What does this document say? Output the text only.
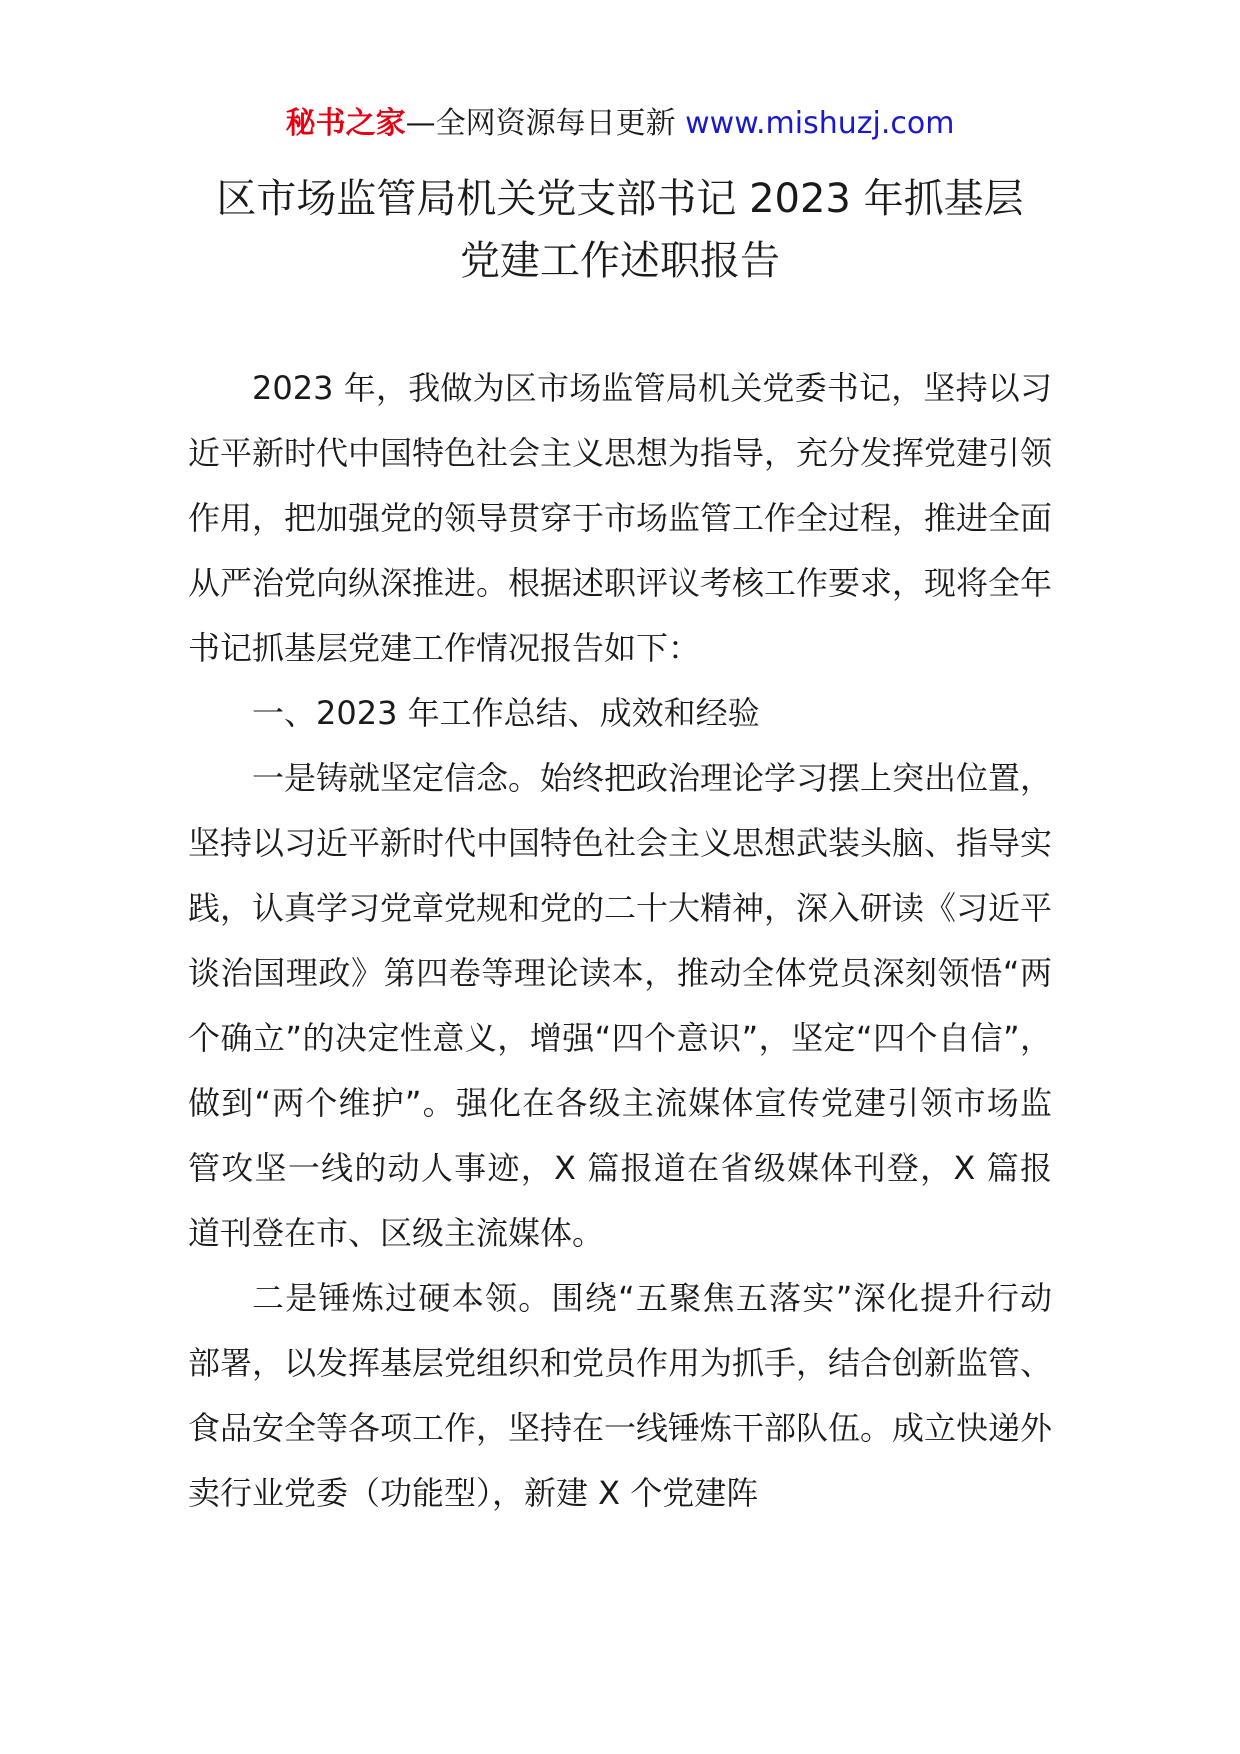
秘书之家—全网资源每日更新 www.mishuzj.com
区市场监管局机关党支部书记 2023 年抓基层
党建工作述职报告

2023 年，我做为区市场监管局机关党委书记，坚持以习近平新时代中国特色社会主义思想为指导，充分发挥党建引领作用，把加强党的领导贯穿于市场监管工作全过程，推进全面从严治党向纵深推进。根据述职评议考核工作要求，现将全年书记抓基层党建工作情况报告如下：

一、2023 年工作总结、成效和经验

一是铸就坚定信念。始终把政治理论学习摆上突出位置，坚持以习近平新时代中国特色社会主义思想武装头脑、指导实践，认真学习党章党规和党的二十大精神，深入研读《习近平谈治国理政》第四卷等理论读本，推动全体党员深刻领悟“两个确立”的决定性意义，增强“四个意识”，坚定“四个自信”，做到“两个维护”。强化在各级主流媒体宣传党建引领市场监管攻坚一线的动人事迹，X 篇报道在省级媒体刊登，X 篇报道刊登在市、区级主流媒体。

二是锤炼过硬本领。围绕“五聚焦五落实”深化提升行动部署，以发挥基层党组织和党员作用为抓手，结合创新监管、食品安全等各项工作，坚持在一线锤炼干部队伍。成立快递外卖行业党委（功能型），新建 X 个党建阵
